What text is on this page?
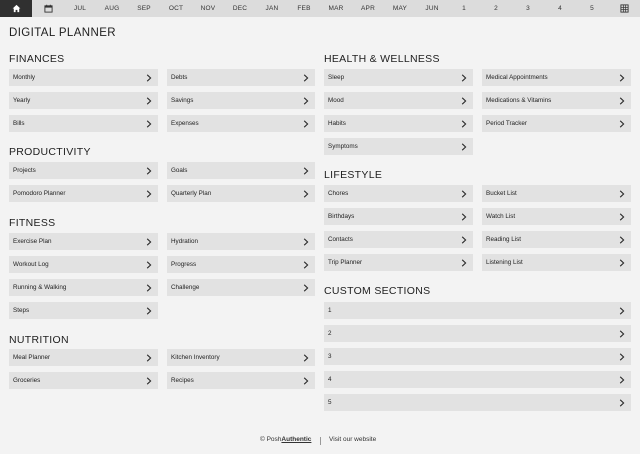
JUL	AUG	SEP	OCT	NOV	DEC	JAN	FEB	MAR	APR	MAY	JUN	1	2	3	4	5
DIGITAL PLANNER
FINANCES
PRODUCTIVITY
FITNESS
NUTRITION
HEALTH & WELLNESS
LIFESTYLE
CUSTOM SECTIONS
Monthly	Debts
Yearly	Savings
Bills	Expenses
Projects	Goals
Pomodoro Planner	Quarterly Plan
Exercise Plan	Hydration
Workout Log	Progress
Running & Walking	Challenge
Steps
Meal Planner	Kitchen Inventory
Groceries	Recipes
Sleep	Medical Appointments
Mood	Medications & Vitamins
Habits	Period Tracker
Symptoms
Chores	Bucket List
Birthdays	Watch List
Contacts	Reading List
Trip Planner	Listening List
1
2
3
4
5
© PoshAuthentic	Visit our website
